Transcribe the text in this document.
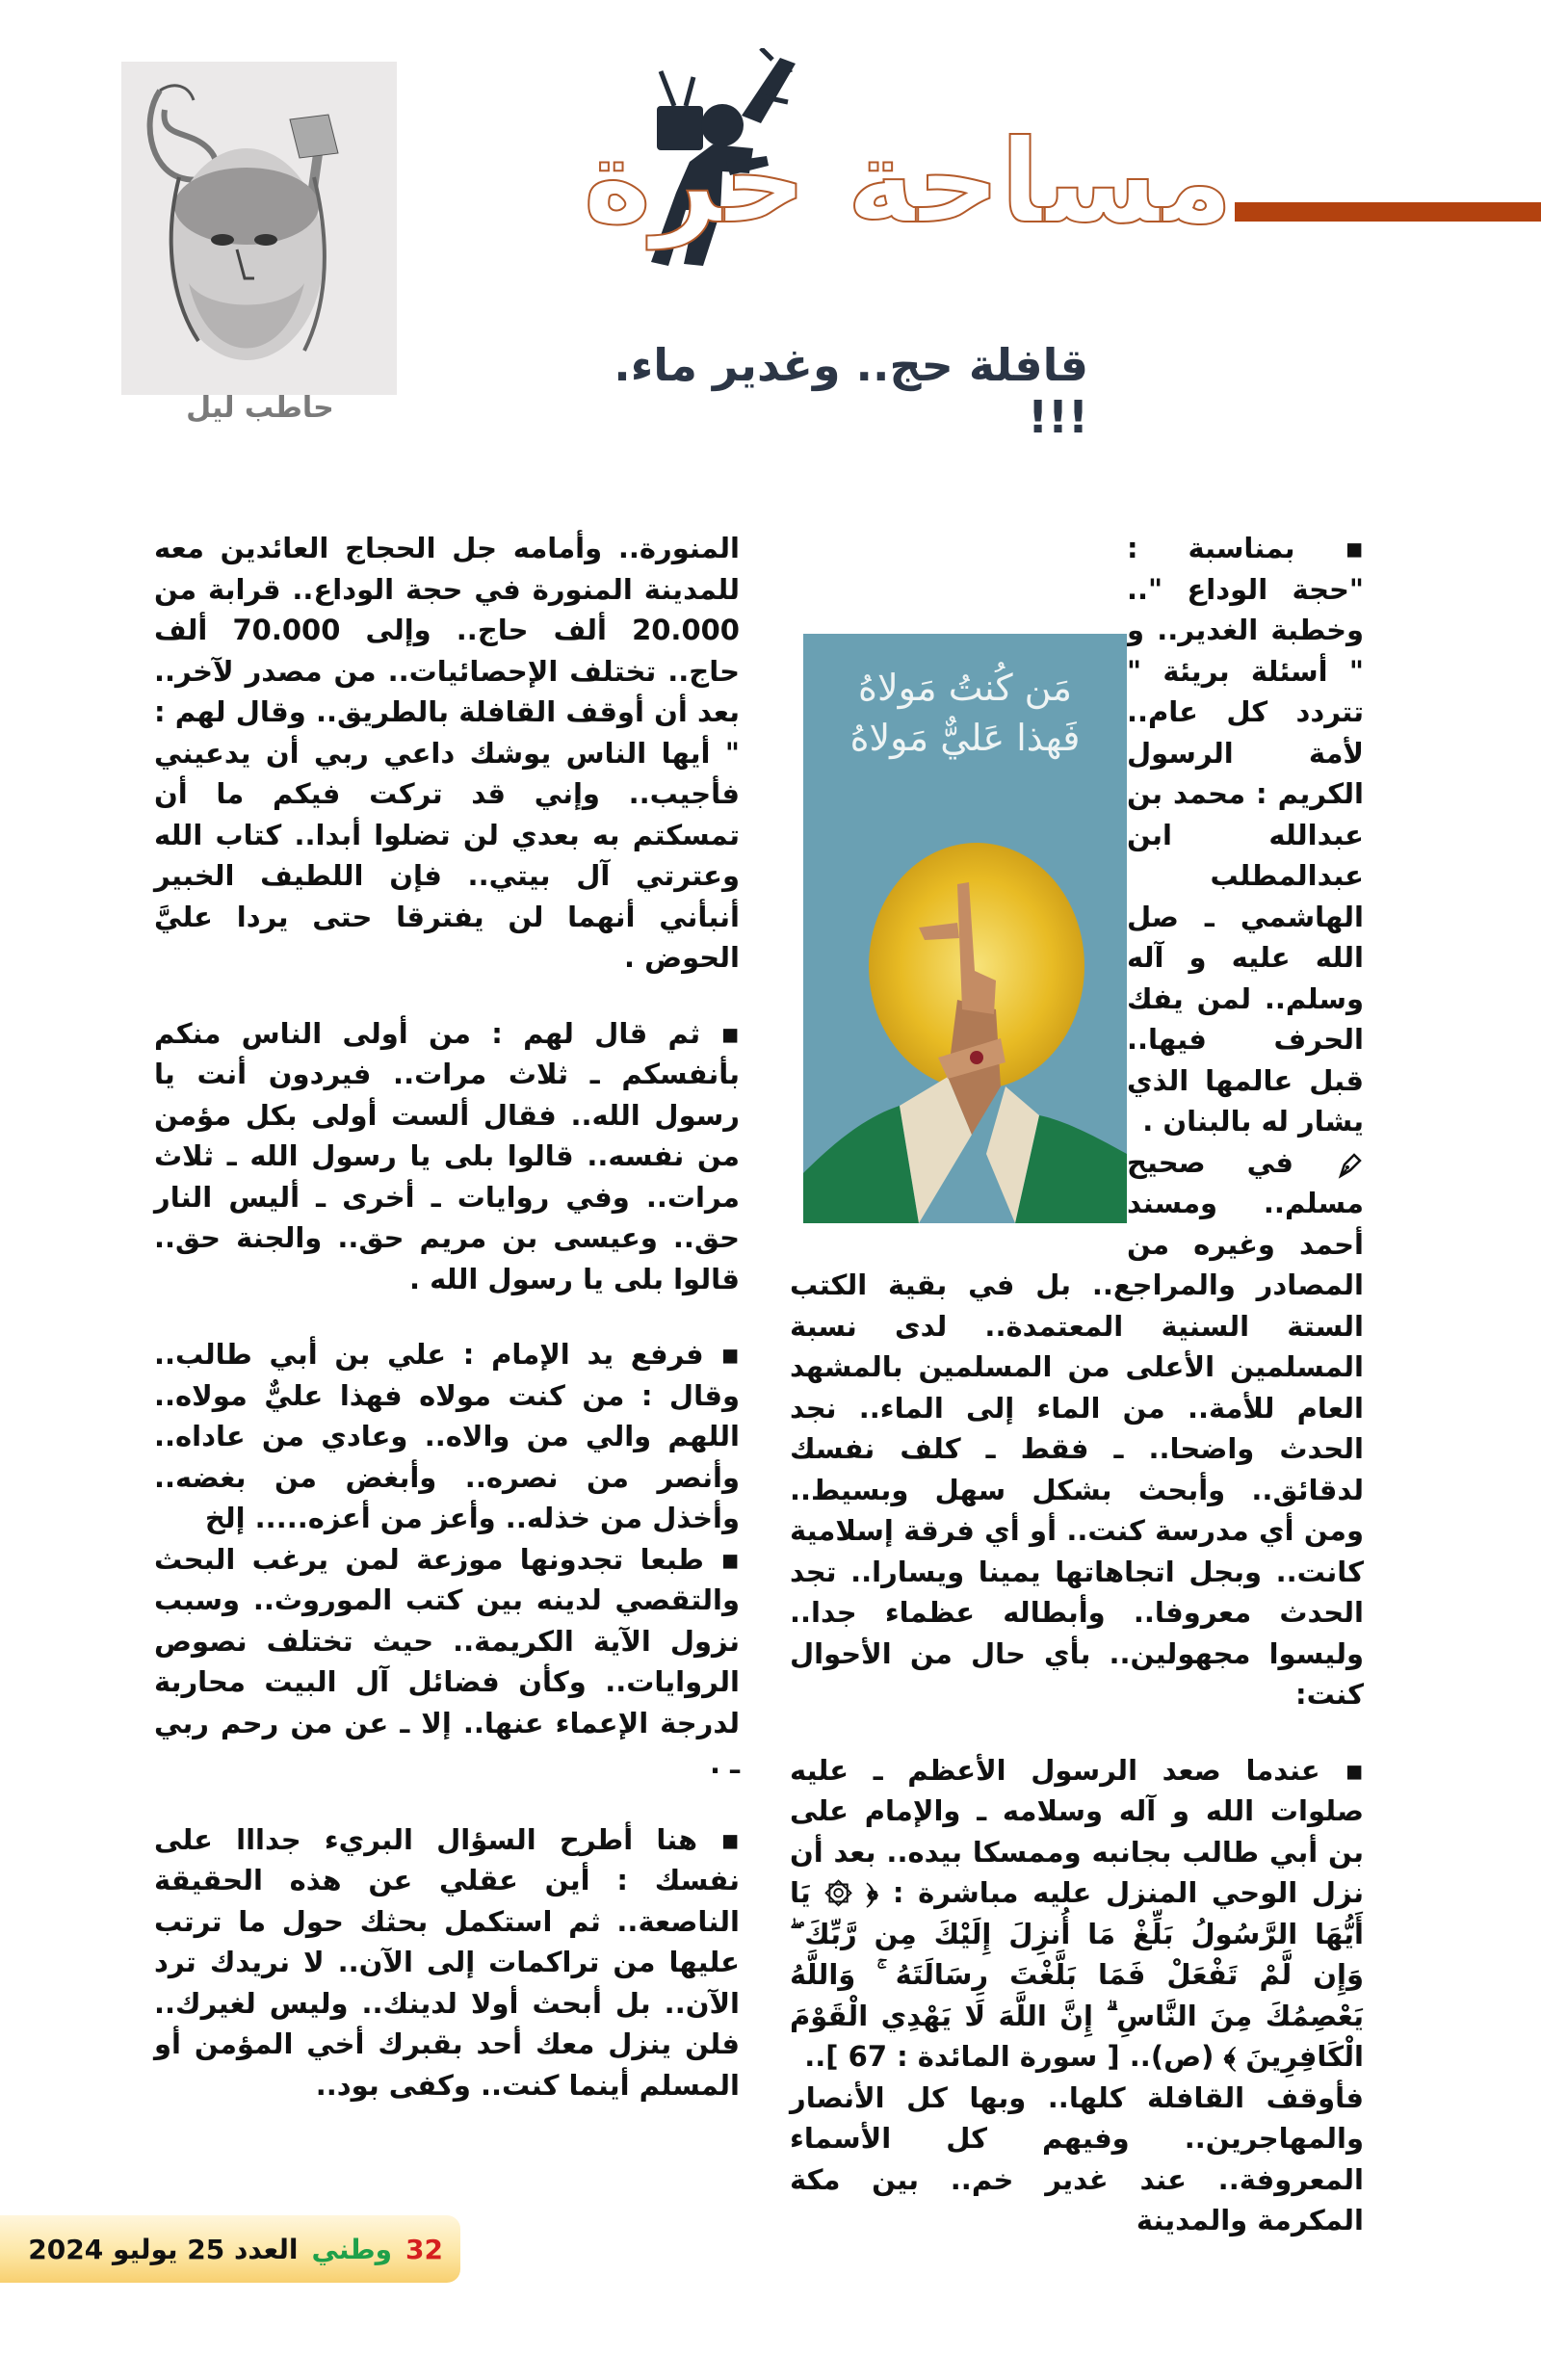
حاطب ليل
مساحة حرة
قافلة حج.. وغدير ماء. !!!
مَن كُنتُ مَولاهُ
فَهذا عَليٌّ مَولاهُ

▪ بمناسبة : "حجة الوداع ".. وخطبة الغدير.. و " أسئلة بريئة " تتردد كل عام.. لأمة الرسول الكريم : محمد بن عبدالله ابن عبدالمطلب الهاشمي ـ صل الله عليه و آله وسلم.. لمن يفك الحرف فيها.. قبل عالمها الذي يشار له بالبنان .

في صحيح مسلم.. ومسند أحمد وغيره من المصادر والمراجع.. بل في بقية الكتب الستة السنية المعتمدة.. لدى نسبة المسلمين الأعلى من المسلمين بالمشهد العام للأمة.. من الماء إلى الماء.. نجد الحدث واضحا.. ـ فقط ـ كلف نفسك لدقائق.. وأبحث بشكل سهل وبسيط.. ومن أي مدرسة كنت.. أو أي فرقة إسلامية كانت.. وبجل اتجاهاتها يمينا ويسارا.. تجد الحدث معروفا.. وأبطاله عظماء جدا.. وليسوا مجهولين.. بأي حال من الأحوال كنت:

▪ عندما صعد الرسول الأعظم ـ عليه صلوات الله و آله وسلامه ـ والإمام على بن أبي طالب بجانبه وممسكا بيده.. بعد أن نزل الوحي المنزل عليه مباشرة : ﴿ ۞ يَا أَيُّهَا الرَّسُولُ بَلِّغْ مَا أُنزِلَ إِلَيْكَ مِن رَّبِّكَ ۖ وَإِن لَّمْ تَفْعَلْ فَمَا بَلَّغْتَ رِسَالَتَهُ ۚ وَاللَّهُ يَعْصِمُكَ مِنَ النَّاسِ ۗ إِنَّ اللَّهَ لَا يَهْدِي الْقَوْمَ الْكَافِرِينَ ﴾ (ص).. [ سورة المائدة : 67 ]..

فأوقف القافلة كلها.. وبها كل الأنصار والمهاجرين.. وفيهم كل الأسماء المعروفة.. عند غدير خم.. بين مكة المكرمة والمدينة

المنورة.. وأمامه جل الحجاج العائدين معه للمدينة المنورة في حجة الوداع.. قرابة من 20.000 ألف حاج.. وإلى 70.000 ألف حاج.. تختلف الإحصائيات.. من مصدر لآخر.. بعد أن أوقف القافلة بالطريق.. وقال لهم : " أيها الناس يوشك داعي ربي أن يدعيني فأجيب.. وإني قد تركت فيكم ما أن تمسكتم به بعدي لن تضلوا أبدا.. كتاب الله وعترتي آل بيتي.. فإن اللطيف الخبير أنبأني أنهما لن يفترقا حتى يردا عليَّ الحوض .

▪ ثم قال لهم : من أولى الناس منكم بأنفسكم ـ ثلاث مرات.. فيردون أنت يا رسول الله.. فقال ألست أولى بكل مؤمن من نفسه.. قالوا بلى يا رسول الله ـ ثلاث مرات.. وفي روايات ـ أخرى ـ أليس النار حق.. وعيسى بن مريم حق.. والجنة حق.. قالوا بلى يا رسول الله .

▪ فرفع يد الإمام : علي بن أبي طالب.. وقال : من كنت مولاه فهذا عليٌّ مولاه.. اللهم والي من والاه.. وعادي من عاداه.. وأنصر من نصره.. وأبغض من بغضه.. وأخذل من خذله.. وأعز من أعزه..... إلخ

▪ طبعا تجدونها موزعة لمن يرغب البحث والتقصي لدينه بين كتب الموروث.. وسبب نزول الآية الكريمة.. حيث تختلف نصوص الروايات.. وكأن فضائل آل البيت محاربة لدرجة الإعماء عنها.. إلا ـ عن من رحم ربي ـ .

▪ هنا أطرح السؤال البريء جدااا على نفسك : أين عقلي عن هذه الحقيقة الناصعة.. ثم استكمل بحثك حول ما ترتب عليها من تراكمات إلى الآن.. لا نريدك ترد الآن.. بل أبحث أولا لدينك.. وليس لغيرك.. فلن ينزل معك أحد بقبرك أخي المؤمن أو المسلم أينما كنت.. وكفى بود..

32
وطني
العدد 25 يوليو 2024
